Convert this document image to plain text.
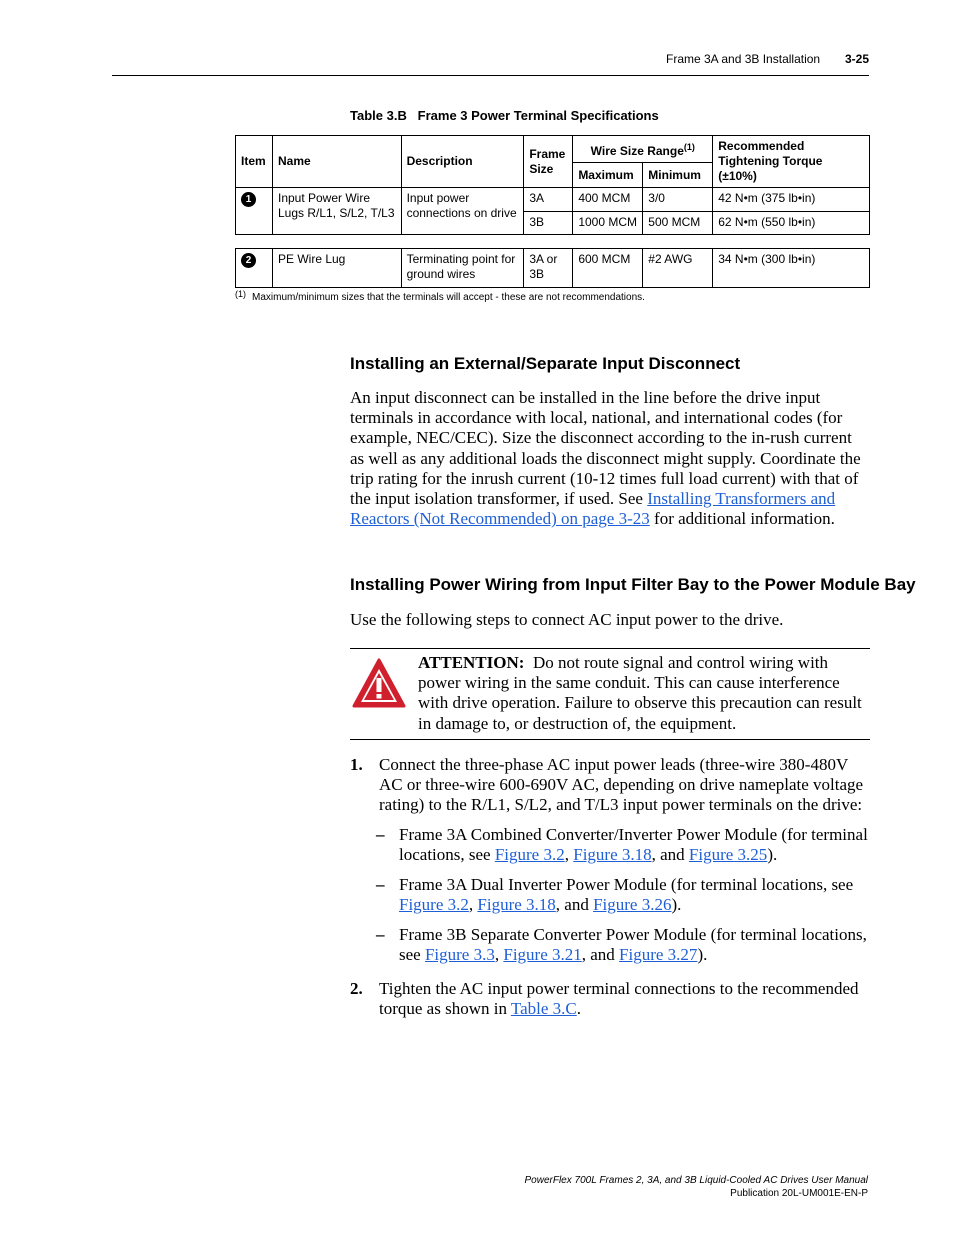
Frame 3A and 3B Installation 3-25
Table 3.B   Frame 3 Power Terminal Specifications
Item	Name	Description	Frame Size	Wire Size Range$^{(1)}$		Recommended Tightening Torque (±10%)
				Maximum	Minimum	
1	Input Power Wire Lugs R/L1, S/L2, T/L3	Input power connections on drive	3A	400 MCM	3/0	42 N•m (375 lb•in)
			3B	1000 MCM	500 MCM	62 N•m (550 lb•in)

2	PE Wire Lug	Terminating point for ground wires	3A or 3B	600 MCM	#2 AWG	34 N•m (300 lb•in)
(1) Maximum/minimum sizes that the terminals will accept - these are not recommendations.
Installing an External/Separate Input Disconnect
An input disconnect can be installed in the line before the drive input terminals in accordance with local, national, and international codes (for example, NEC/CEC). Size the disconnect according to the in-rush current as well as any additional loads the disconnect might supply. Coordinate the trip rating for the inrush current (10-12 times full load current) with that of the input isolation transformer, if used. See Installing Transformers and Reactors (Not Recommended) on page 3-23 for additional information.
Installing Power Wiring from Input Filter Bay to the Power Module Bay
Use the following steps to connect AC input power to the drive.
ATTENTION: Do not route signal and control wiring with power wiring in the same conduit. This can cause interference with drive operation. Failure to observe this precaution can result in damage to, or destruction of, the equipment.
1. Connect the three-phase AC input power leads (three-wire 380-480V AC or three-wire 600-690V AC, depending on drive nameplate voltage rating) to the R/L1, S/L2, and T/L3 input power terminals on the drive:
– Frame 3A Combined Converter/Inverter Power Module (for terminal locations, see Figure 3.2, Figure 3.18, and Figure 3.25).
– Frame 3A Dual Inverter Power Module (for terminal locations, see Figure 3.2, Figure 3.18, and Figure 3.26).
– Frame 3B Separate Converter Power Module (for terminal locations, see Figure 3.3, Figure 3.21, and Figure 3.27).
2. Tighten the AC input power terminal connections to the recommended torque as shown in Table 3.C.
PowerFlex 700L Frames 2, 3A, and 3B Liquid-Cooled AC Drives User Manual
Publication 20L-UM001E-EN-P
